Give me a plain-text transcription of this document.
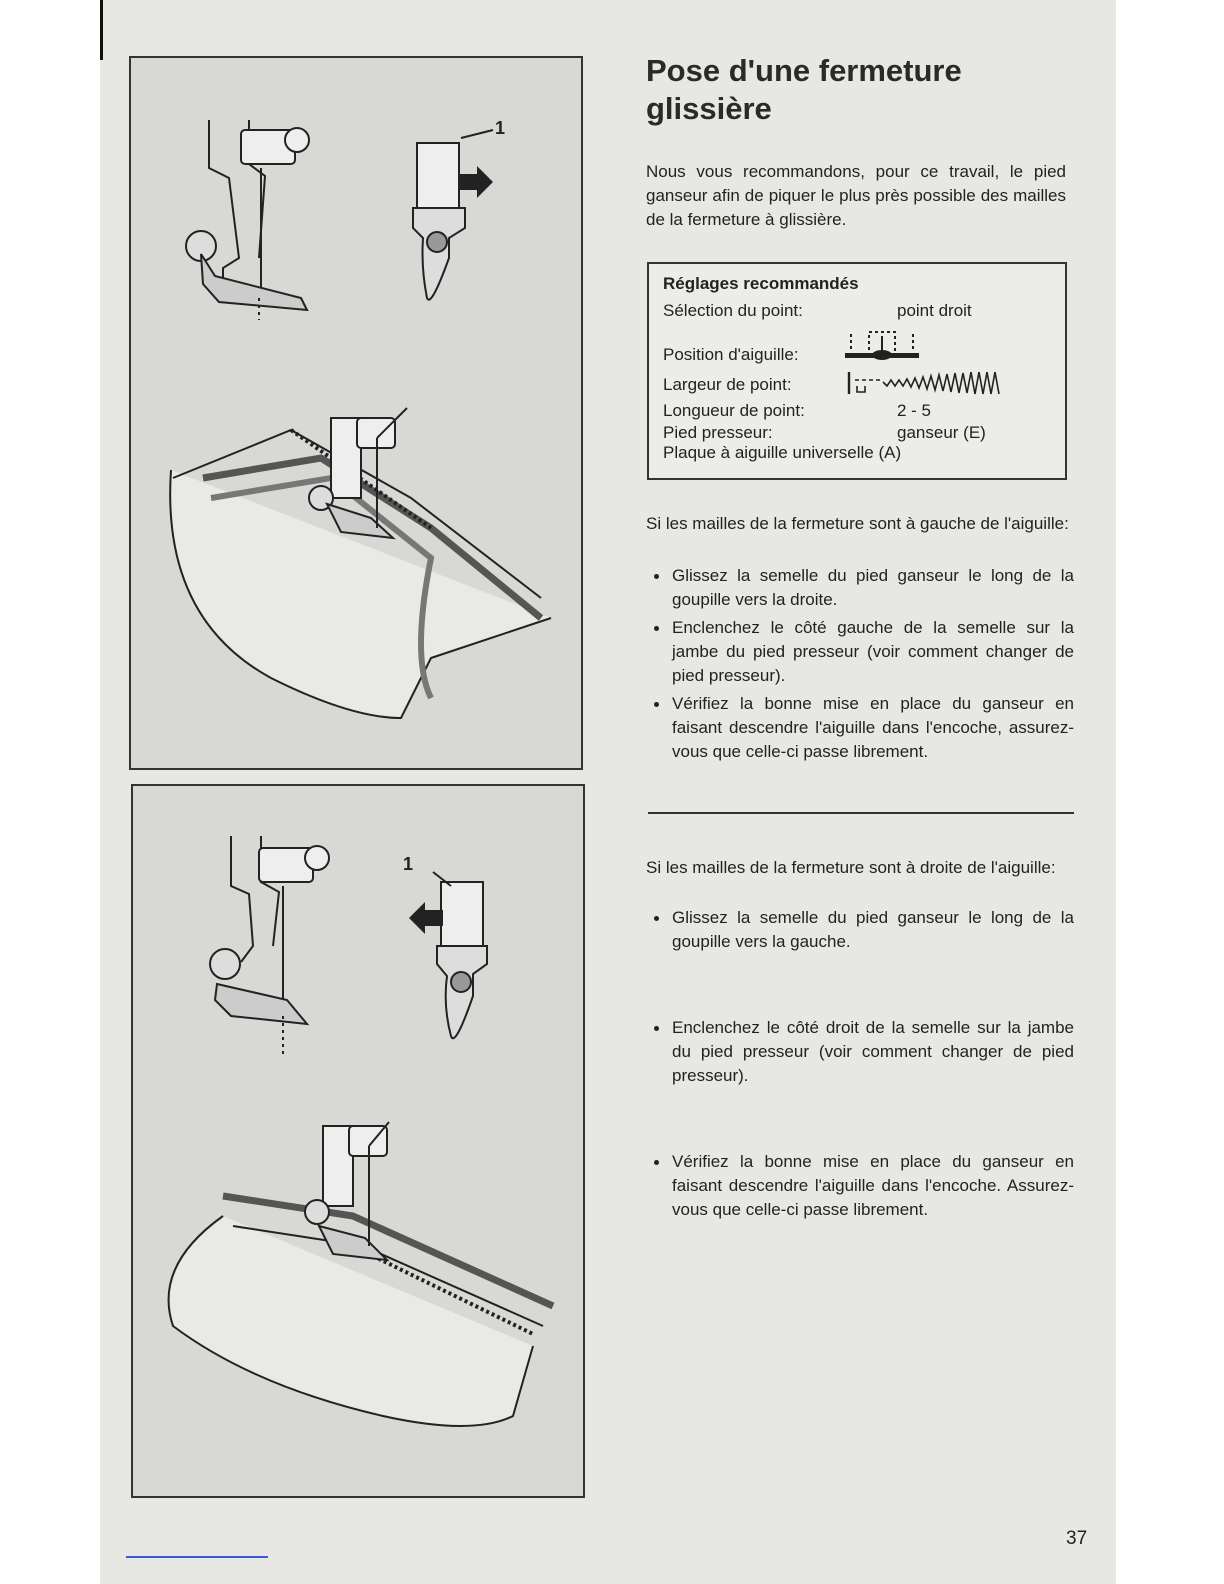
1
1
Pose d'une fermeture glissière

Nous vous recommandons, pour ce travail, le pied ganseur afin de piquer le plus près possible des mailles de la fermeture à glissière.

Réglages recommandés
Sélection du point:	point droit
Position d'aiguille:
Largeur de point:
Longueur de point:	2 - 5
Pied presseur:	ganseur (E)
Plaque à aiguille universelle (A)

Si les mailles de la fermeture sont à gauche de l'aiguille:

Glissez la semelle du pied ganseur le long de la goupille vers la droite.
Enclenchez le côté gauche de la semelle sur la jambe du pied presseur (voir comment changer de pied presseur).
Vérifiez la bonne mise en place du ganseur en faisant descendre l'aiguille dans l'encoche, assurez-vous que celle-ci passe librement.

Si les mailles de la fermeture sont à droite de l'aiguille:

Glissez la semelle du pied ganseur le long de la goupille vers la gauche.
Enclenchez le côté droit de la semelle sur la jambe du pied presseur (voir comment changer de pied presseur).
Vérifiez la bonne mise en place du ganseur en faisant descendre l'aiguille dans l'encoche. Assurez-vous que celle-ci passe librement.
37
